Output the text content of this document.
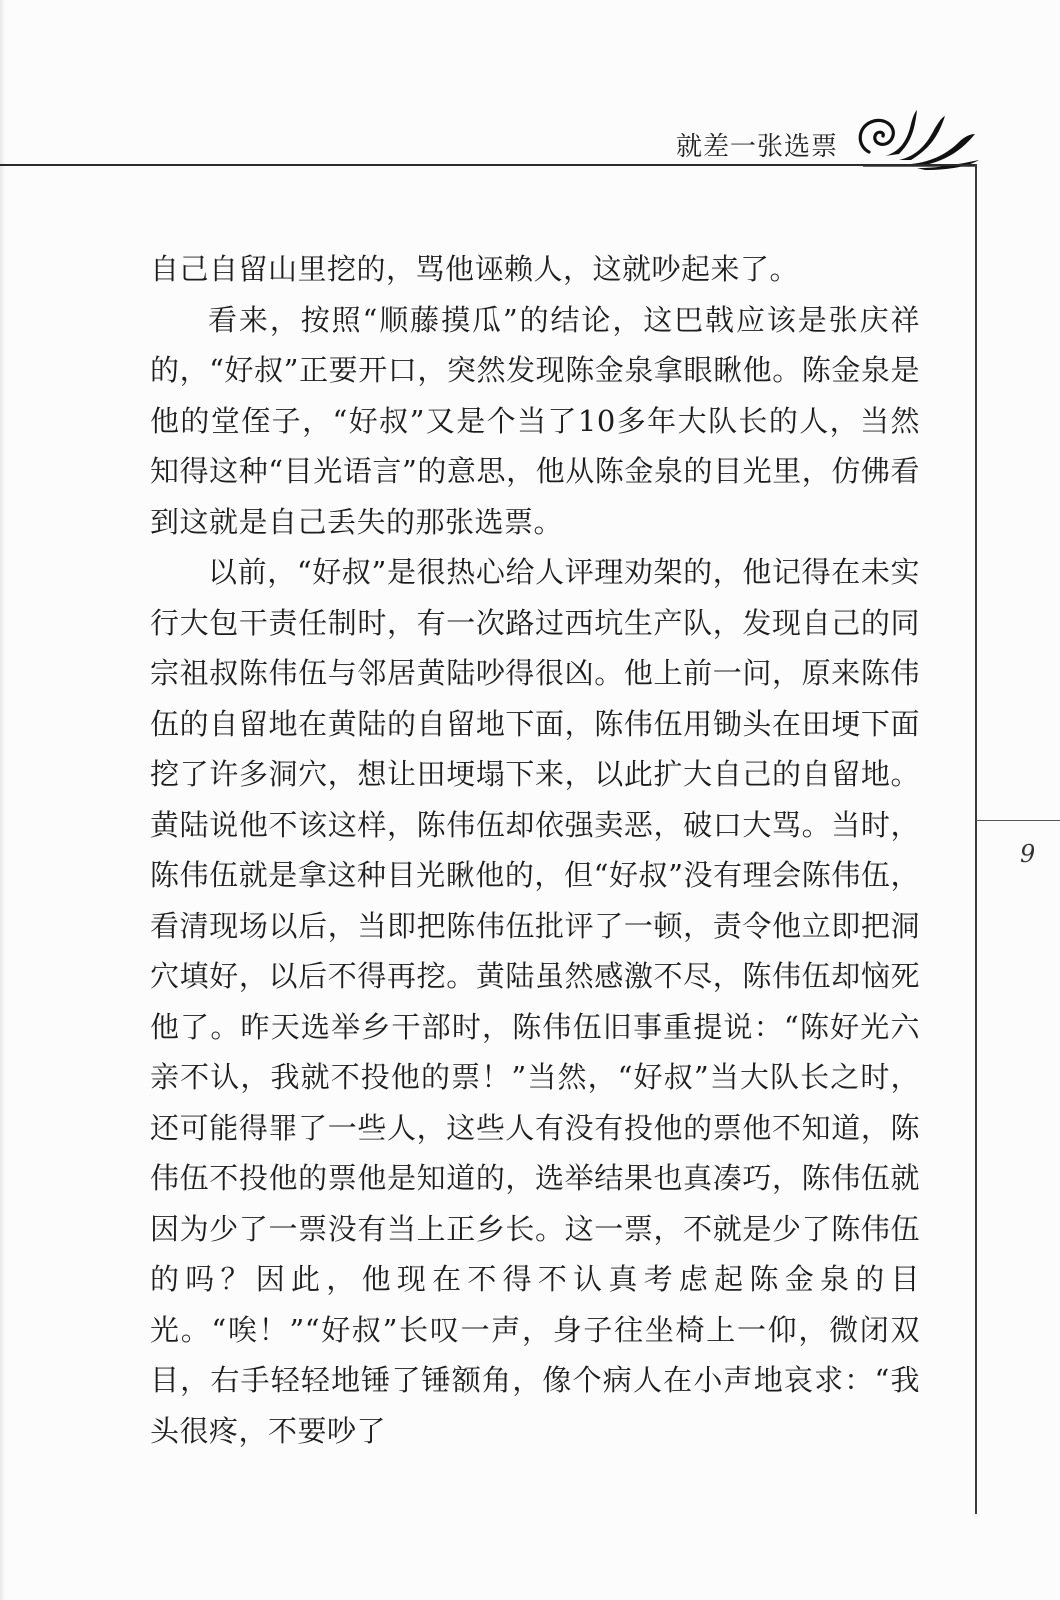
就差一张选票
9

自己自留山里挖的，骂他诬赖人，这就吵起来了。

看来，按照“顺藤摸瓜”的结论，这巴戟应该是张庆祥的，“好叔”正要开口，突然发现陈金泉拿眼瞅他。陈金泉是他的堂侄子，“好叔”又是个当了10多年大队长的人，当然知得这种“目光语言”的意思，他从陈金泉的目光里，仿佛看到这就是自己丢失的那张选票。

以前，“好叔”是很热心给人评理劝架的，他记得在未实行大包干责任制时，有一次路过西坑生产队，发现自己的同宗祖叔陈伟伍与邻居黄陆吵得很凶。他上前一问，原来陈伟伍的自留地在黄陆的自留地下面，陈伟伍用锄头在田埂下面挖了许多洞穴，想让田埂塌下来，以此扩大自己的自留地。黄陆说他不该这样，陈伟伍却依强卖恶，破口大骂。当时，陈伟伍就是拿这种目光瞅他的，但“好叔”没有理会陈伟伍，看清现场以后，当即把陈伟伍批评了一顿，责令他立即把洞穴填好，以后不得再挖。黄陆虽然感激不尽，陈伟伍却恼死他了。昨天选举乡干部时，陈伟伍旧事重提说：“陈好光六亲不认，我就不投他的票！”当然，“好叔”当大队长之时，还可能得罪了一些人，这些人有没有投他的票他不知道，陈伟伍不投他的票他是知道的，选举结果也真凑巧，陈伟伍就因为少了一票没有当上正乡长。这一票，不就是少了陈伟伍的吗？因此，他现在不得不认真考虑起陈金泉的目光。“唉！”“好叔”长叹一声，身子往坐椅上一仰，微闭双目，右手轻轻地锤了锤额角，像个病人在小声地哀求：“我头很疼，不要吵了
